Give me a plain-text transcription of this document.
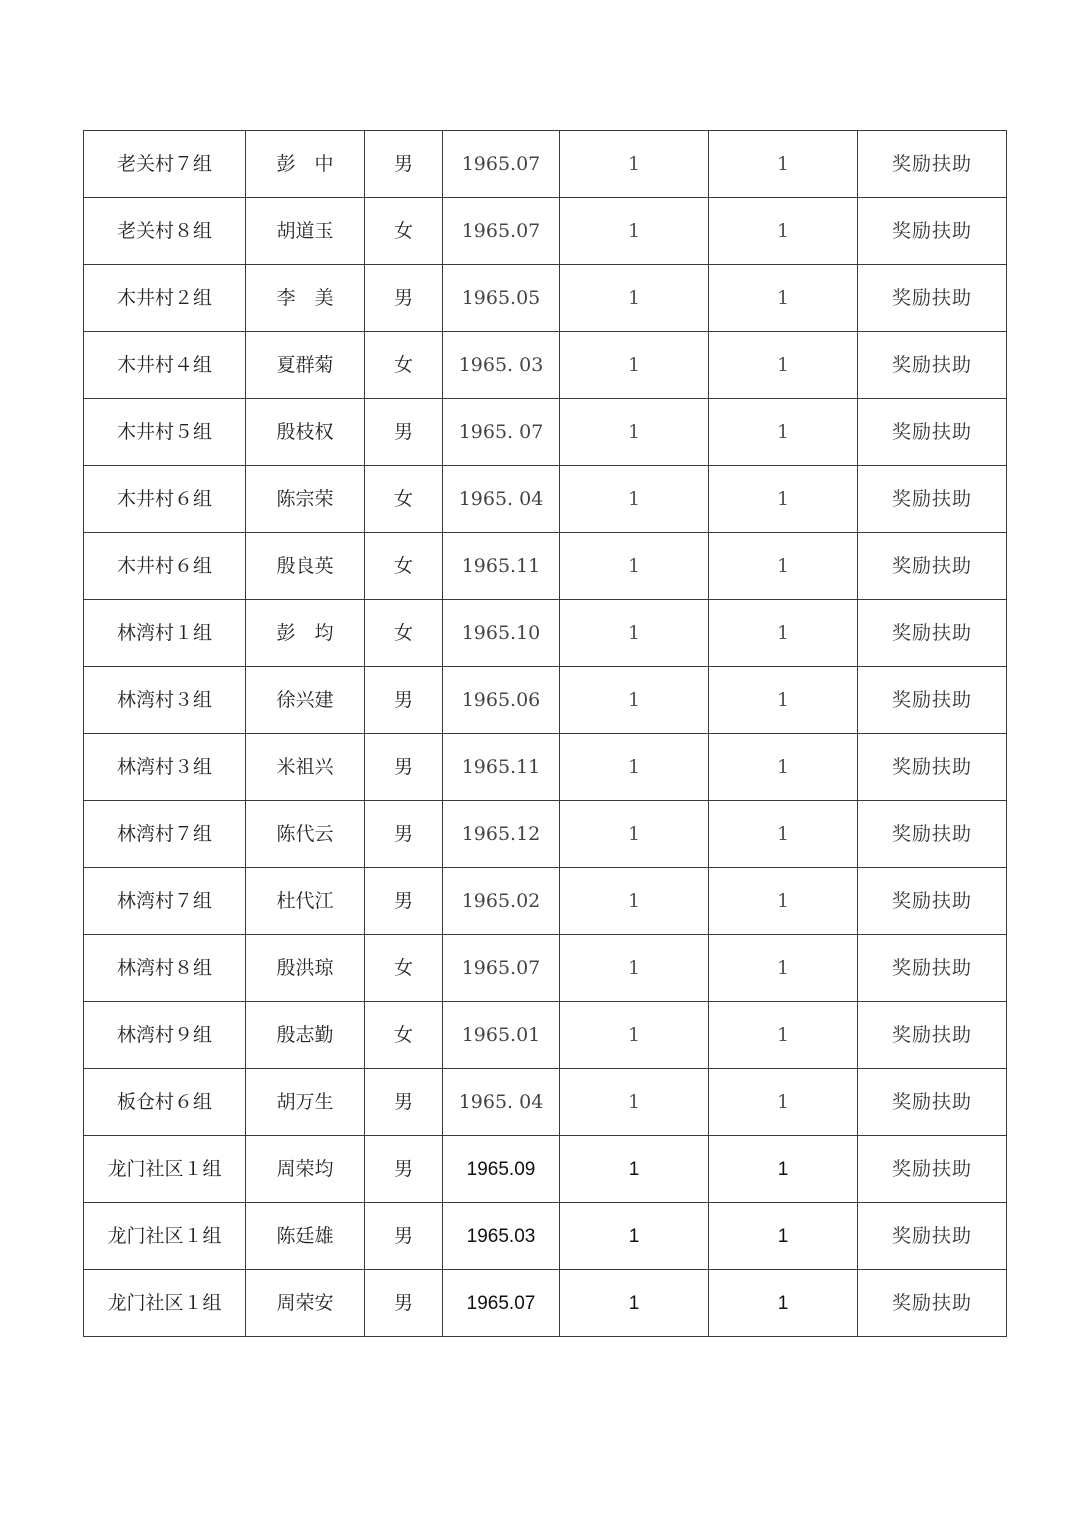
老关村７组	彭　中	男	1965.07	1	1	奖励扶助
老关村８组	胡道玉	女	1965.07	1	1	奖励扶助
木井村２组	李　美	男	1965.05	1	1	奖励扶助
木井村４组	夏群菊	女	1965. 03	1	1	奖励扶助
木井村５组	殷枝权	男	1965. 07	1	1	奖励扶助
木井村６组	陈宗荣	女	1965. 04	1	1	奖励扶助
木井村６组	殷良英	女	1965.11	1	1	奖励扶助
林湾村１组	彭　均	女	1965.10	1	1	奖励扶助
林湾村３组	徐兴建	男	1965.06	1	1	奖励扶助
林湾村３组	米祖兴	男	1965.11	1	1	奖励扶助
林湾村７组	陈代云	男	1965.12	1	1	奖励扶助
林湾村７组	杜代江	男	1965.02	1	1	奖励扶助
林湾村８组	殷洪琼	女	1965.07	1	1	奖励扶助
林湾村９组	殷志勤	女	1965.01	1	1	奖励扶助
板仓村６组	胡万生	男	1965. 04	1	1	奖励扶助
龙门社区１组	周荣均	男	1965.09	1	1	奖励扶助
龙门社区１组	陈廷雄	男	1965.03	1	1	奖励扶助
龙门社区１组	周荣安	男	1965.07	1	1	奖励扶助
